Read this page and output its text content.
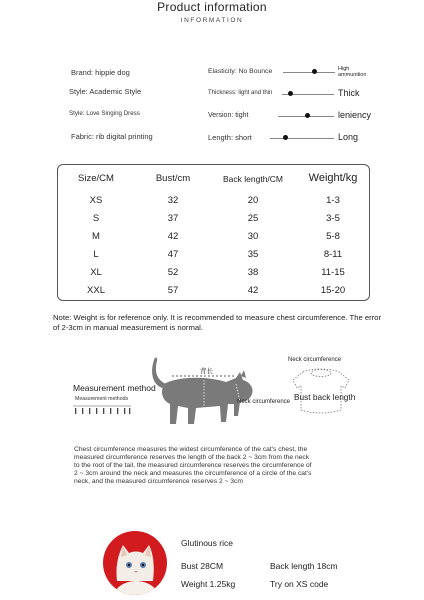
Product information
INFORMATION
Brand: hippie dog
Style: Academic Style
Style: Love Singing Dress
Fabric: rib digital printing
Elasticity: No Bounce	High ammunition
Thickness: light and thin	Thick
Version: tight	leniency
Length: short	Long
Size/CM	Bust/cm	Back length/CM Weight/kg
XS	32	20	1-3
S	37	25	3-5
M	42	30	5-8
L	47	35	8-11
XL	52	38	11-15
XXL	57	42	15-20
Note: Weight is for reference only. It is recommended to measure chest circumference. The error of 2-3cm in manual measurement is normal.
Measurement method
Measurement methods
背长
Bust
Neck circumference
Neck circumference
Bust back length
Chest circumference measures the widest circumference of the cat's chest, the measured circumference reserves the length of the back 2 ~ 3cm from the neck to the root of the tail, the measured circumference reserves the circumference of 2 ~ 3cm around the neck and measures the circumference of a circle of the cat's neck, and the measured circumference reserves 2 ~ 3cm
Glutinous rice
Bust 28CM	Back length 18cm
Weight 1.25kg	Try on XS code
